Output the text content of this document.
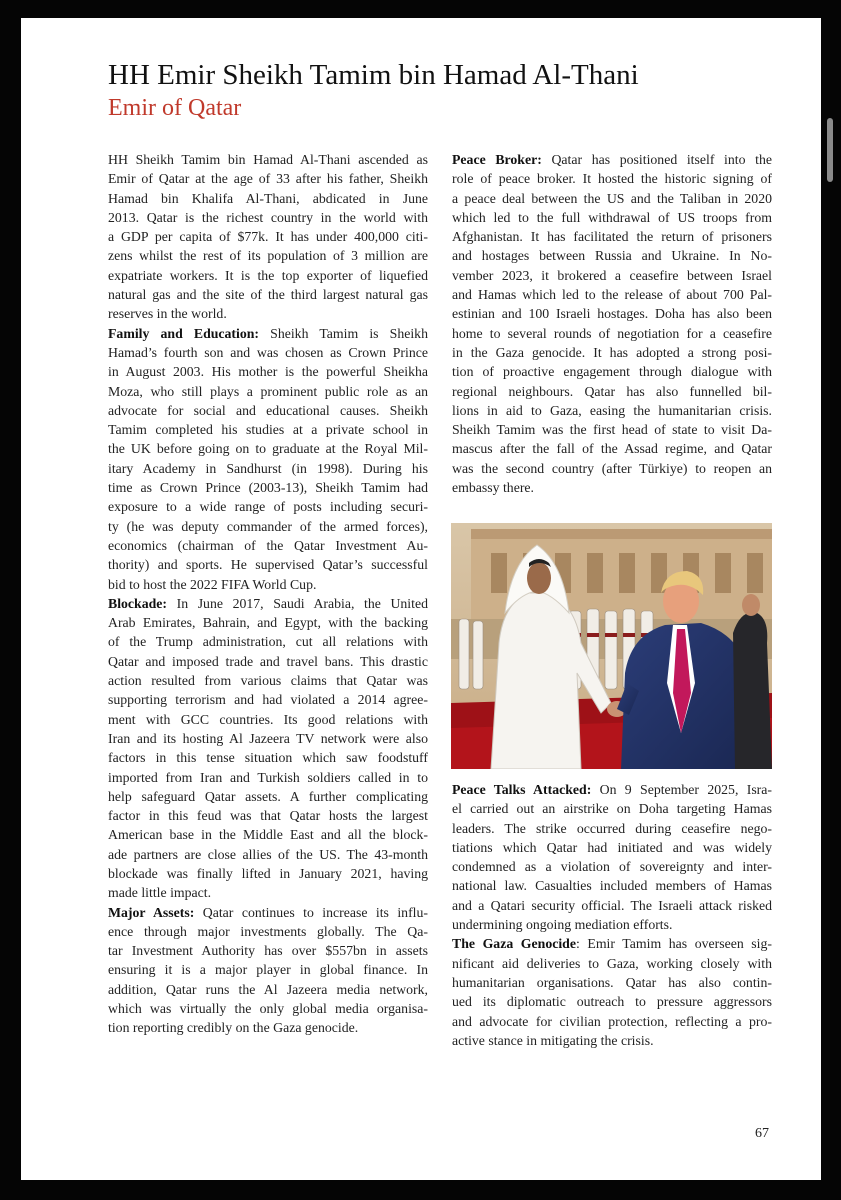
HH Emir Sheikh Tamim bin Hamad Al-Thani
Emir of Qatar
HH Sheikh Tamim bin Hamad Al-Thani ascended as
Emir of Qatar at the age of 33 after his father, Sheikh
Hamad bin Khalifa Al-Thani, abdicated in June
2013. Qatar is the richest country in the world with
a GDP per capita of $77k. It has under 400,000 citi-
zens whilst the rest of its population of 3 million are
expatriate workers. It is the top exporter of liquefied
natural gas and the site of the third largest natural gas
reserves in the world.
Family and Education: Sheikh Tamim is Sheikh
Hamad’s fourth son and was chosen as Crown Prince
in August 2003. His mother is the powerful Sheikha
Moza, who still plays a prominent public role as an
advocate for social and educational causes. Sheikh
Tamim completed his studies at a private school in
the UK before going on to graduate at the Royal Mil-
itary Academy in Sandhurst (in 1998). During his
time as Crown Prince (2003-13), Sheikh Tamim had
exposure to a wide range of posts including securi-
ty (he was deputy commander of the armed forces),
economics (chairman of the Qatar Investment Au-
thority) and sports. He supervised Qatar’s successful
bid to host the 2022 FIFA World Cup.
Blockade: In June 2017, Saudi Arabia, the United
Arab Emirates, Bahrain, and Egypt, with the backing
of the Trump administration, cut all relations with
Qatar and imposed trade and travel bans. This drastic
action resulted from various claims that Qatar was
supporting terrorism and had violated a 2014 agree-
ment with GCC countries. Its good relations with
Iran and its hosting Al Jazeera TV network were also
factors in this tense situation which saw foodstuff
imported from Iran and Turkish soldiers called in to
help safeguard Qatar assets. A further complicating
factor in this feud was that Qatar hosts the largest
American base in the Middle East and all the block-
ade partners are close allies of the US. The 43-month
blockade was finally lifted in January 2021, having
made little impact.
Major Assets: Qatar continues to increase its influ-
ence through major investments globally. The Qa-
tar Investment Authority has over $557bn in assets
ensuring it is a major player in global finance. In
addition, Qatar runs the Al Jazeera media network,
which was virtually the only global media organisa-
tion reporting credibly on the Gaza genocide.
Peace Broker: Qatar has positioned itself into the
role of peace broker. It hosted the historic signing of
a peace deal between the US and the Taliban in 2020
which led to the full withdrawal of US troops from
Afghanistan. It has facilitated the return of prisoners
and hostages between Russia and Ukraine. In No-
vember 2023, it brokered a ceasefire between Israel
and Hamas which led to the release of about 700 Pal-
estinian and 100 Israeli hostages. Doha has also been
home to several rounds of negotiation for a ceasefire
in the Gaza genocide. It has adopted a strong posi-
tion of proactive engagement through dialogue with
regional neighbours. Qatar has also funnelled bil-
lions in aid to Gaza, easing the humanitarian crisis.
Sheikh Tamim was the first head of state to visit Da-
mascus after the fall of the Assad regime, and Qatar
was the second country (after Türkiye) to reopen an
embassy there.
Peace Talks Attacked: On 9 September 2025, Isra-
el carried out an airstrike on Doha targeting Hamas
leaders. The strike occurred during ceasefire nego-
tiations which Qatar had initiated and was widely
condemned as a violation of sovereignty and inter-
national law. Casualties included members of Hamas
and a Qatari security official. The Israeli attack risked
undermining ongoing mediation efforts.
The Gaza Genocide: Emir Tamim has overseen sig-
nificant aid deliveries to Gaza, working closely with
humanitarian organisations. Qatar has also contin-
ued its diplomatic outreach to pressure aggressors
and advocate for civilian protection, reflecting a pro-
active stance in mitigating the crisis.
67
